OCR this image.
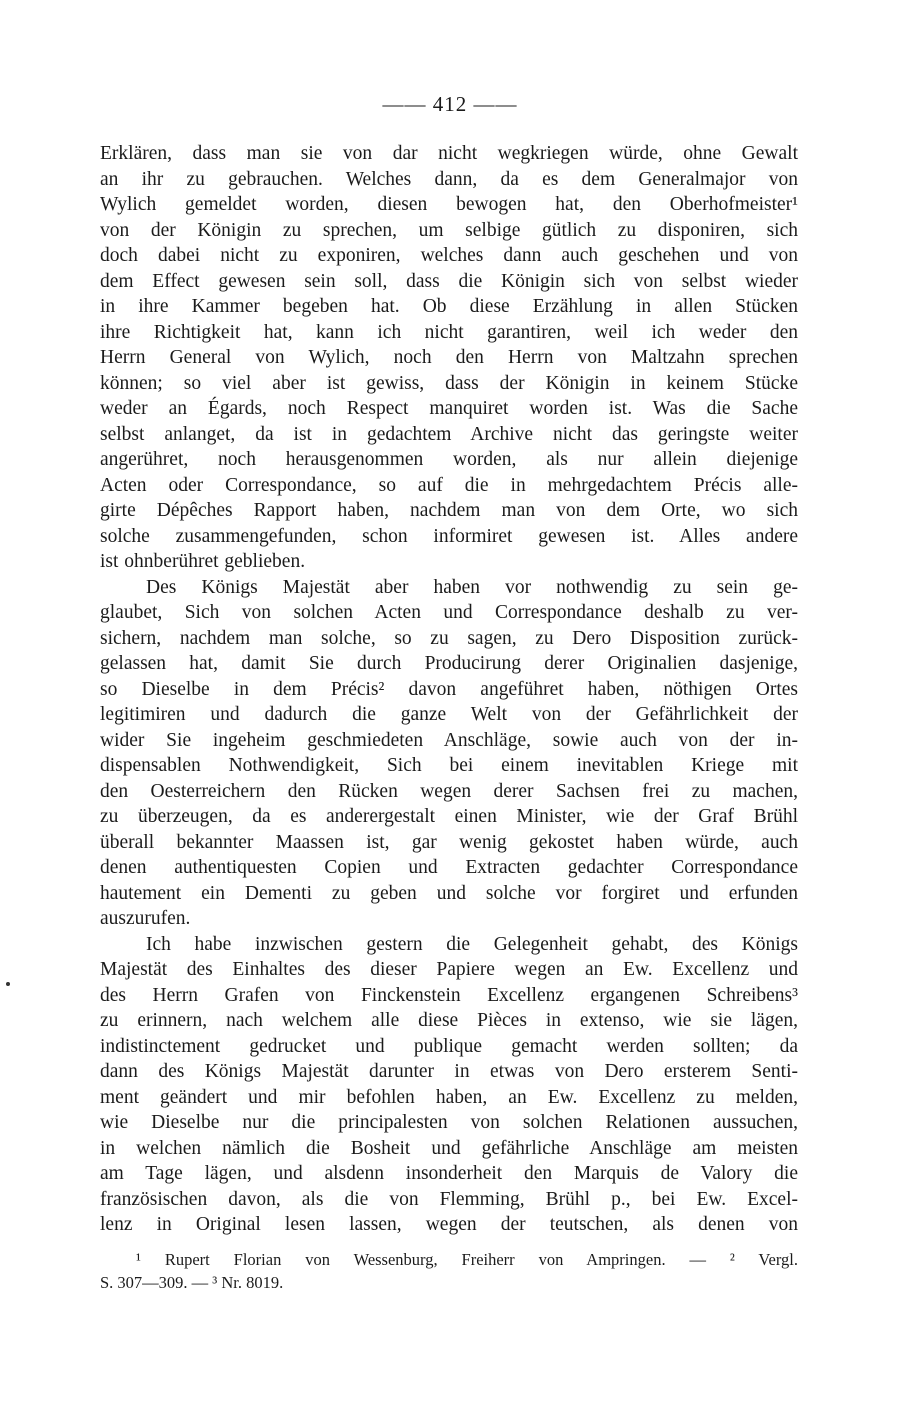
—— 412 ——
Erklären, dass man sie von dar nicht wegkriegen würde, ohne Gewalt
an ihr zu gebrauchen. Welches dann, da es dem Generalmajor von
Wylich gemeldet worden, diesen bewogen hat, den Oberhofmeister¹
von der Königin zu sprechen, um selbige gütlich zu disponiren, sich
doch dabei nicht zu exponiren, welches dann auch geschehen und von
dem Effect gewesen sein soll, dass die Königin sich von selbst wieder
in ihre Kammer begeben hat. Ob diese Erzählung in allen Stücken
ihre Richtigkeit hat, kann ich nicht garantiren, weil ich weder den
Herrn General von Wylich, noch den Herrn von Maltzahn sprechen
können; so viel aber ist gewiss, dass der Königin in keinem Stücke
weder an Égards, noch Respect manquiret worden ist. Was die Sache
selbst anlanget, da ist in gedachtem Archive nicht das geringste weiter
angerühret, noch herausgenommen worden, als nur allein diejenige
Acten oder Correspondance, so auf die in mehrgedachtem Précis alle-
girte Dépêches Rapport haben, nachdem man von dem Orte, wo sich
solche zusammengefunden, schon informiret gewesen ist. Alles andere
ist ohnberühret geblieben.
Des Königs Majestät aber haben vor nothwendig zu sein ge-
glaubet, Sich von solchen Acten und Correspondance deshalb zu ver-
sichern, nachdem man solche, so zu sagen, zu Dero Disposition zurück-
gelassen hat, damit Sie durch Producirung derer Originalien dasjenige,
so Dieselbe in dem Précis² davon angeführet haben, nöthigen Ortes
legitimiren und dadurch die ganze Welt von der Gefährlichkeit der
wider Sie ingeheim geschmiedeten Anschläge, sowie auch von der in-
dispensablen Nothwendigkeit, Sich bei einem inevitablen Kriege mit
den Oesterreichern den Rücken wegen derer Sachsen frei zu machen,
zu überzeugen, da es anderergestalt einen Minister, wie der Graf Brühl
überall bekannter Maassen ist, gar wenig gekostet haben würde, auch
denen authentiquesten Copien und Extracten gedachter Correspondance
hautement ein Dementi zu geben und solche vor forgiret und erfunden
auszurufen.
Ich habe inzwischen gestern die Gelegenheit gehabt, des Königs
Majestät des Einhaltes des dieser Papiere wegen an Ew. Excellenz und
des Herrn Grafen von Finckenstein Excellenz ergangenen Schreibens³
zu erinnern, nach welchem alle diese Pièces in extenso, wie sie lägen,
indistinctement gedrucket und publique gemacht werden sollten; da
dann des Königs Majestät darunter in etwas von Dero ersterem Senti-
ment geändert und mir befohlen haben, an Ew. Excellenz zu melden,
wie Dieselbe nur die principalesten von solchen Relationen aussuchen,
in welchen nämlich die Bosheit und gefährliche Anschläge am meisten
am Tage lägen, und alsdenn insonderheit den Marquis de Valory die
französischen davon, als die von Flemming, Brühl p., bei Ew. Excel-
lenz in Original lesen lassen, wegen der teutschen, als denen von
¹ Rupert Florian von Wessenburg, Freiherr von Ampringen. — ² Vergl.
S. 307—309. — ³ Nr. 8019.
